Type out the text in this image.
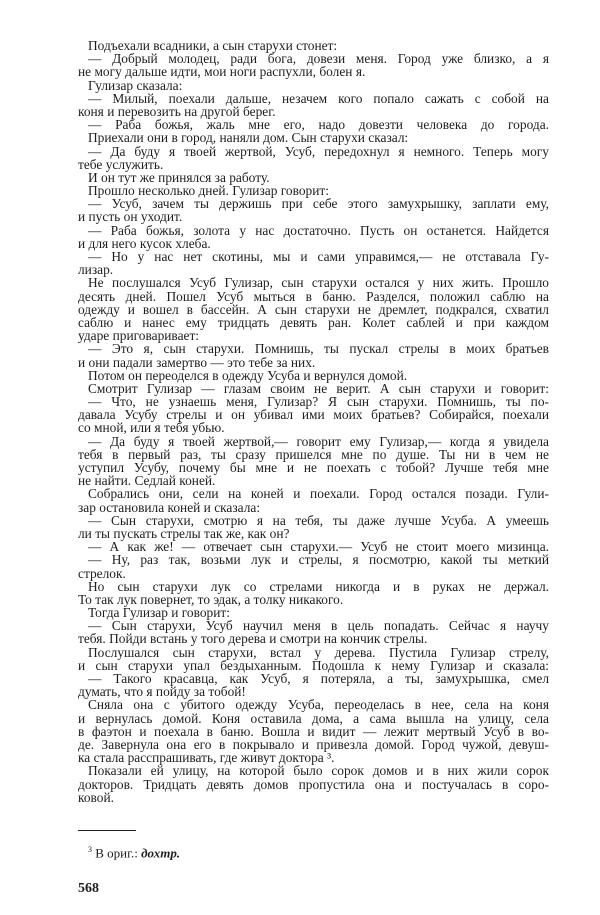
Подъехали всадники, а сын старухи стонет:
— Добрый молодец, ради бога, довези меня. Город уже близко, а я
не могу дальше идти, мои ноги распухли, болен я.
Гулизар сказала:
— Милый, поехали дальше, незачем кого попало сажать с собой на
коня и перевозить на другой берег.
— Раба божья, жаль мне его, надо довезти человека до города.
Приехали они в город, наняли дом. Сын старухи сказал:
— Да буду я твоей жертвой, Усуб, передохнул я немного. Теперь могу
тебе услужить.
И он тут же принялся за работу.
Прошло несколько дней. Гулизар говорит:
— Усуб, зачем ты держишь при себе этого замухрышку, заплати ему,
и пусть он уходит.
— Раба божья, золота у нас достаточно. Пусть он останется. Найдется
и для него кусок хлеба.
— Но у нас нет скотины, мы и сами управимся,— не отставала Гу-
лизар.
Не послушался Усуб Гулизар, сын старухи остался у них жить. Прошло
десять дней. Пошел Усуб мыться в баню. Разделся, положил саблю на
одежду и вошел в бассейн. А сын старухи не дремлет, подкрался, схватил
саблю и нанес ему тридцать девять ран. Колет саблей и при каждом
ударе приговаривает:
— Это я, сын старухи. Помнишь, ты пускал стрелы в моих братьев
и они падали замертво — это тебе за них.
Потом он переоделся в одежду Усуба и вернулся домой.
Смотрит Гулизар — глазам своим не верит. А сын старухи и говорит:
— Что, не узнаешь меня, Гулизар? Я сын старухи. Помнишь, ты по-
давала Усубу стрелы и он убивал ими моих братьев? Собирайся, поехали
со мной, или я тебя убью.
— Да буду я твоей жертвой,— говорит ему Гулизар,— когда я увидела
тебя в первый раз, ты сразу пришелся мне по душе. Ты ни в чем не
уступил Усубу, почему бы мне и не поехать с тобой? Лучше тебя мне
не найти. Седлай коней.
Собрались они, сели на коней и поехали. Город остался позади. Гули-
зар остановила коней и сказала:
— Сын старухи, смотрю я на тебя, ты даже лучше Усуба. А умеешь
ли ты пускать стрелы так же, как он?
— А как же! — отвечает сын старухи.— Усуб не стоит моего мизинца.
— Ну, раз так, возьми лук и стрелы, я посмотрю, какой ты меткий
стрелок.
Но сын старухи лук со стрелами никогда и в руках не держал.
То так лук повернет, то эдак, а толку никакого.
Тогда Гулизар и говорит:
— Сын старухи, Усуб научил меня в цель попадать. Сейчас я научу
тебя. Пойди встань у того дерева и смотри на кончик стрелы.
Послушался сын старухи, встал у дерева. Пустила Гулизар стрелу,
и сын старухи упал бездыханным. Подошла к нему Гулизар и сказала:
— Такого красавца, как Усуб, я потеряла, а ты, замухрышка, смел
думать, что я пойду за тобой!
Сняла она с убитого одежду Усуба, переоделась в нее, села на коня
и вернулась домой. Коня оставила дома, а сама вышла на улицу, села
в фаэтон и поехала в баню. Вошла и видит — лежит мертвый Усуб в во-
де. Завернула она его в покрывало и привезла домой. Город чужой, девуш-
ка стала расспрашивать, где живут доктора ³.
Показали ей улицу, на которой было сорок домов и в них жили сорок
докторов. Тридцать девять домов пропустила она и постучалась в соро-
ковой.
$^3$ В ориг.: дохтр.
568
